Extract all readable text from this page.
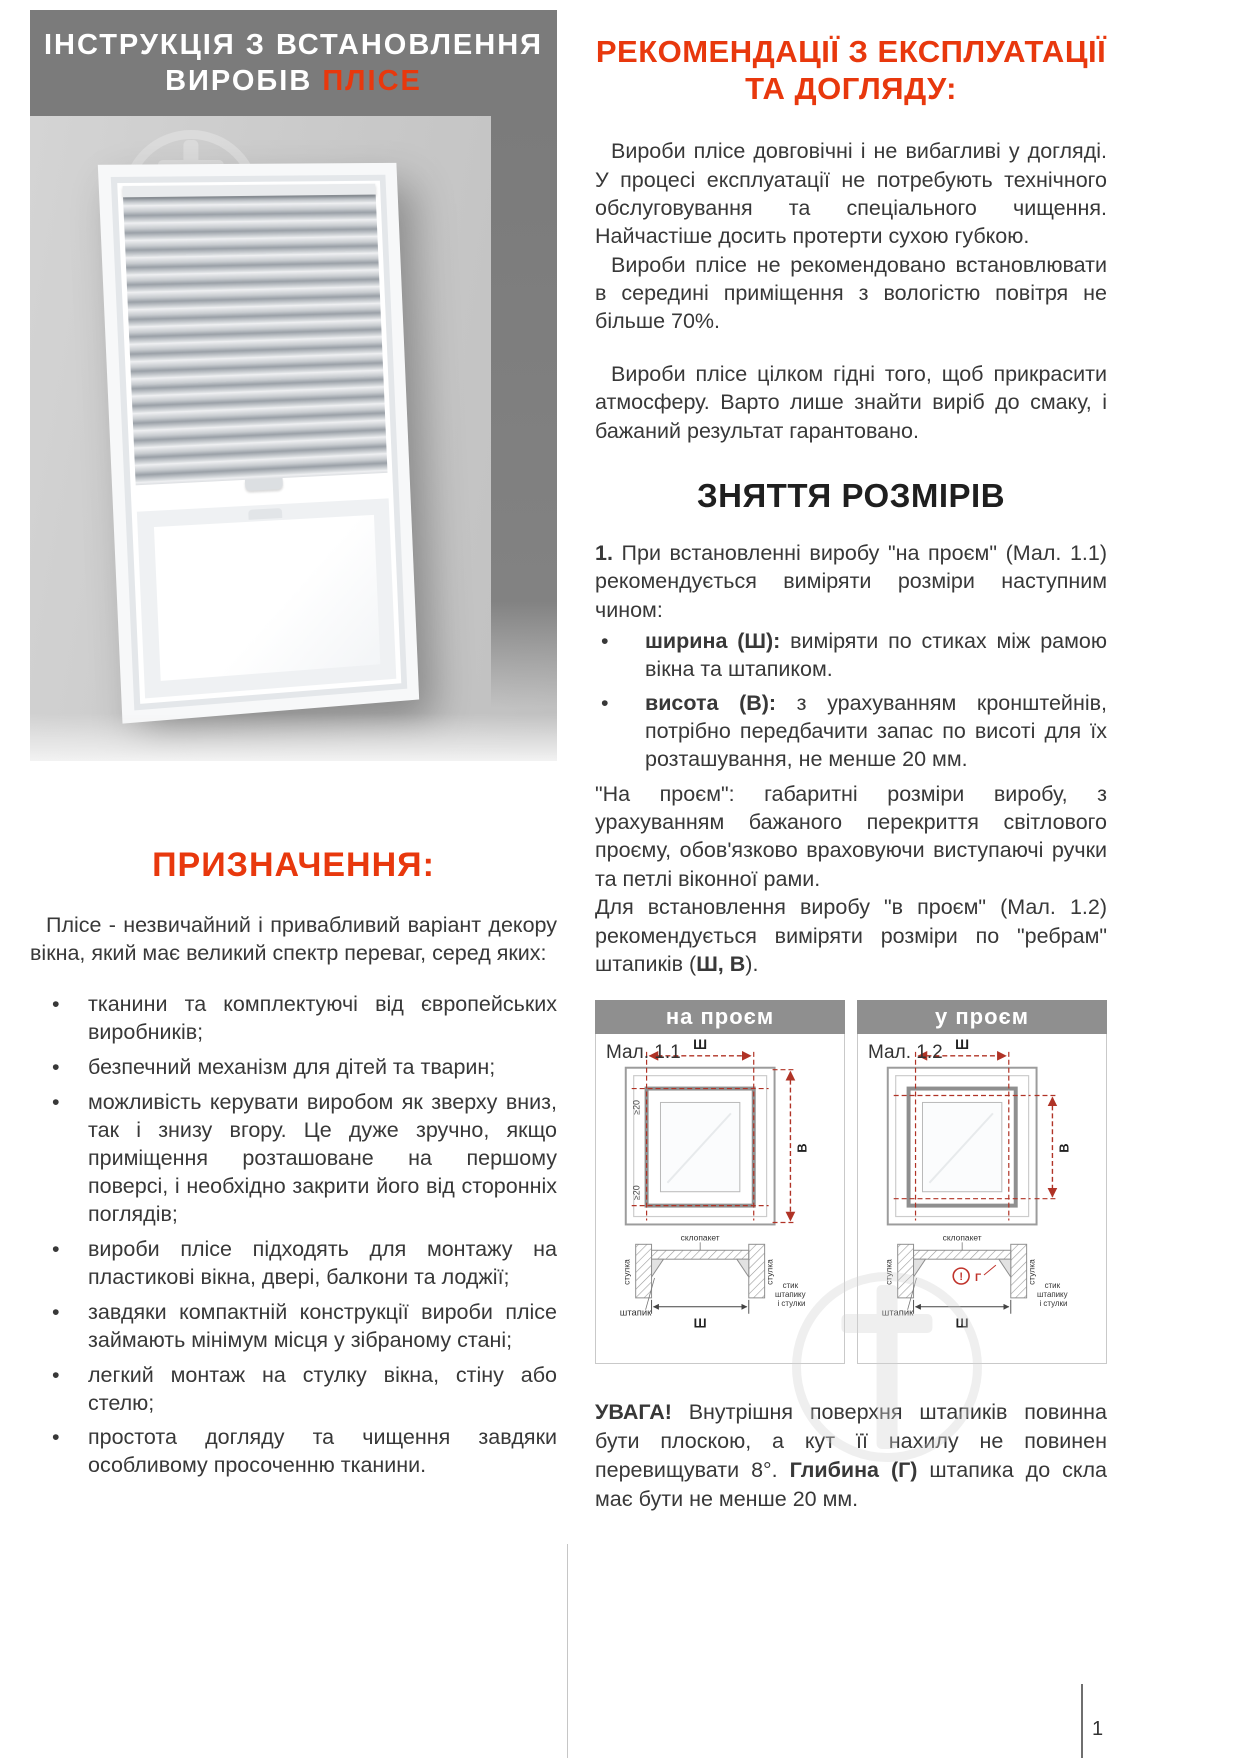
ІНСТРУКЦІЯ З ВСТАНОВЛЕННЯ
ВИРОБІВ ПЛІСЕ
ПРИЗНАЧЕННЯ:

Плісе - незвичайний і привабливий варіант декору вікна, який має великий спектр переваг, серед яких:

• тканини та комплектуючі від європейських виробників;
• безпечний механізм для дітей та тварин;
• можливість керувати виробом як зверху вниз, так і знизу вгору. Це дуже зручно, якщо приміщення розташоване на першому поверсі, і необхідно закрити його від сторонніх поглядів;
• вироби плісе підходять для монтажу на пластикові вікна, двері, балкони та лоджії;
• завдяки компактній конструкції вироби плісе займають мінімум місця у зібраному стані;
• легкий монтаж на стулку вікна, стіну або стелю;
• простота догляду та чищення завдяки особливому просоченню тканини.
РЕКОМЕНДАЦІЇ З ЕКСПЛУАТАЦІЇ
ТА ДОГЛЯДУ:

Вироби плісе довговічні і не вибагливі у догляді. У процесі експлуатації не потребують технічного обслуговування та спеціального чищення. Найчастіше досить протерти сухою губкою.

Вироби плісе не рекомендовано встановлювати в середині приміщення з вологістю повітря не більше 70%.

Вироби плісе цілком гідні того, щоб прикрасити атмосферу. Варто лише знайти виріб до смаку, і бажаний результат гарантовано.

ЗНЯТТЯ РОЗМІРІВ

1. При встановленні виробу "на проєм" (Мал. 1.1) рекомендується виміряти розміри наступним чином:

• ширина (Ш): виміряти по стиках між рамою вікна та штапиком.
• висота (В): з урахуванням кронштейнів, потрібно передбачити запас по висоті для їх розташування, не менше 20 мм.

"На проєм": габаритні розміри виробу, з урахуванням бажаного перекриття світлового проєму, обов'язково враховуючи виступаючі ручки та петлі віконної рами.

Для встановлення виробу "в проєм" (Мал. 1.2) рекомендується виміряти розміри по "ребрам" штапиків (Ш, В).

на проєм
Мал. 1.1 Ш
В
≥20
≥20
склопакет
стулка	стулка
штапик
стик штапику і стулки
Ш
у проєм
Мал. 1.2 Ш
В
склопакет
стулка	стулка
штапик
стик штапику і стулки
! Г
Ш

УВАГА! Внутрішня поверхня штапиків повинна бути плоскою, а кут її нахилу не повинен перевищувати 8°. Глибина (Г) штапика до скла має бути не менше 20 мм.

1
